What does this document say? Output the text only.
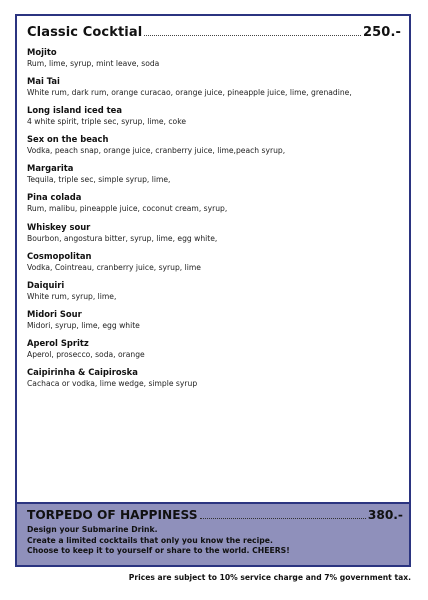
Classic Cocktial	250.-
Mojito
Rum, lime, syrup, mint leave, soda
Mai Tai
White rum, dark rum, orange curacao, orange juice, pineapple juice, lime, grenadine,
Long island iced tea
4 white spirit, triple sec, syrup, lime, coke
Sex on the beach
Vodka, peach snap, orange juice, cranberry juice, lime,peach syrup,
Margarita
Tequila, triple sec, simple syrup, lime,
Pina colada
Rum, malibu, pineapple juice, coconut cream, syrup,
Whiskey sour
Bourbon, angostura bitter, syrup, lime, egg white,
Cosmopolitan
Vodka, Cointreau, cranberry juice, syrup, lime
Daiquiri
White rum, syrup, lime,
Midori Sour
Midori, syrup, lime, egg white
Aperol Spritz
Aperol, prosecco, soda, orange
Caipirinha & Caipiroska
Cachaca or vodka, lime wedge, simple syrup
TORPEDO OF HAPPINESS	380.-
Design your Submarine Drink.
Create a limited cocktails that only you know the recipe.
Choose to keep it to yourself or share to the world. CHEERS!
Prices are subject to 10% service charge and 7% government tax.
